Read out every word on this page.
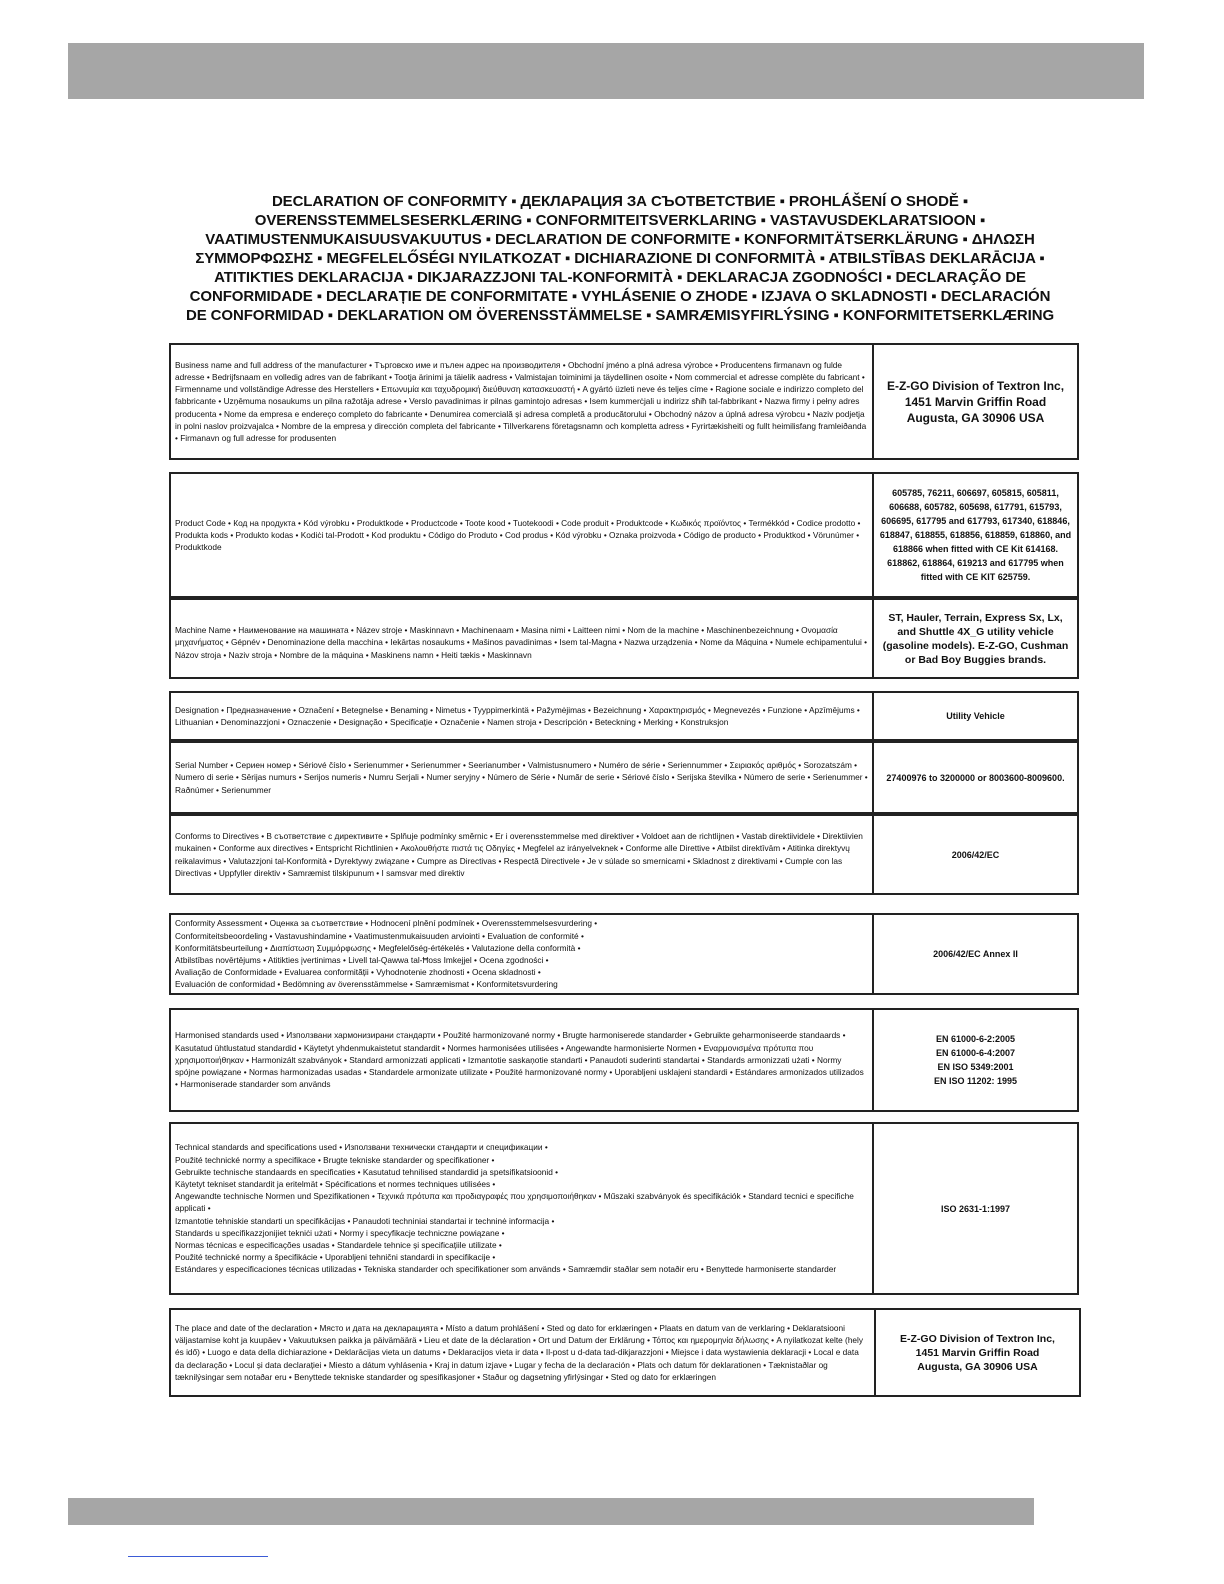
DECLARATION OF CONFORMITY ▪ ДЕКЛАРАЦИЯ ЗА СЪОТВЕТСТВИЕ ▪ PROHLÁŠENÍ O SHODĚ ▪
OVERENSSTEMMELSESERKLÆRING ▪ CONFORMITEITSVERKLARING ▪ VASTAVUSDEKLARATSIOON ▪
VAATIMUSTENMUKAISUUSVAKUUTUS ▪ DECLARATION DE CONFORMITE ▪ KONFORMITÄTSERKLÄRUNG ▪ ΔΗΛΩΣΗ
ΣΥΜΜΟΡΦΩΣΗΣ ▪ MEGFELELŐSÉGI NYILATKOZAT ▪ DICHIARAZIONE DI CONFORMITÀ ▪ ATBILSTĪBAS DEKLARĀCIJA ▪
ATITIKTIES DEKLARACIJA ▪ DIKJARAZZJONI TAL-KONFORMITÀ ▪ DEKLARACJA ZGODNOŚCI ▪ DECLARAÇÃO DE
CONFORMIDADE ▪ DECLARAȚIE DE CONFORMITATE ▪ VYHLÁSENIE O ZHODE ▪ IZJAVA O SKLADNOSTI ▪ DECLARACIÓN
DE CONFORMIDAD ▪ DEKLARATION OM ÖVERENSSTÄMMELSE ▪ SAMRÆMISYFIRLÝSING ▪ KONFORMITETSERKLÆRING
Business name and full address of the manufacturer • Търговско име и пълен адрес на производителя • Obchodní jméno a plná adresa výrobce • Producentens firmanavn og fulde adresse • Bedrijfsnaam en volledig adres van de fabrikant • Tootja ärinimi ja täielik aadress • Valmistajan toiminimi ja täydellinen osoite • Nom commercial et adresse complète du fabricant • Firmenname und vollständige Adresse des Herstellers • Επωνυμία και ταχυδρομική διεύθυνση κατασκευαστή • A gyártó üzleti neve és teljes címe • Ragione sociale e indirizzo completo del fabbricante • Uzņēmuma nosaukums un pilna ražotāja adrese • Verslo pavadinimas ir pilnas gamintojo adresas • Isem kummerċjali u indirizz sħiħ tal-fabbrikant • Nazwa firmy i pełny adres producenta • Nome da empresa e endereço completo do fabricante • Denumirea comercială și adresa completă a producătorului • Obchodný názov a úplná adresa výrobcu • Naziv podjetja in polni naslov proizvajalca • Nombre de la empresa y dirección completa del fabricante • Tillverkarens företagsnamn och kompletta adress • Fyrirtækisheiti og fullt heimilisfang framleiðanda • Firmanavn og full adresse for produsenten
E-Z-GO Division of Textron Inc,
1451 Marvin Griffin Road
Augusta, GA 30906 USA
Product Code • Код на продукта • Kód výrobku • Produktkode • Productcode • Toote kood • Tuotekoodi • Code produit • Produktcode • Κωδικός προϊόντος • Termékkód • Codice prodotto • Produkta kods • Produkto kodas • Kodiċi tal-Prodott • Kod produktu • Código do Produto • Cod produs • Kód výrobku • Oznaka proizvoda • Código de producto • Produktkod • Vörunúmer • Produktkode
605785, 76211, 606697, 605815, 605811, 606688, 605782, 605698, 617791, 615793, 606695, 617795 and 617793, 617340, 618846, 618847, 618855, 618856, 618859, 618860, and 618866 when fitted with CE Kit 614168. 618862, 618864, 619213 and 617795 when fitted with CE KIT 625759.
Machine Name • Наименование на машината • Název stroje • Maskinnavn • Machinenaam • Masina nimi • Laitteen nimi • Nom de la machine • Maschinenbezeichnung • Ονομασία μηχανήματος • Gépnév • Denominazione della macchina • Iekārtas nosaukums • Mašinos pavadinimas • Isem tal-Magna • Nazwa urządzenia • Nome da Máquina • Numele echipamentului • Názov stroja • Naziv stroja • Nombre de la máquina • Maskinens namn • Heiti tækis • Maskinnavn
ST, Hauler, Terrain, Express Sx, Lx, and Shuttle 4X_G utility vehicle (gasoline models). E-Z-GO, Cushman or Bad Boy Buggies brands.
Designation • Предназначение • Označení • Betegnelse • Benaming • Nimetus • Tyyppimerkintä • Pažymėjimas • Bezeichnung • Χαρακτηρισμός • Megnevezés • Funzione • Apzīmējums • Lithuanian • Denominazzjoni • Oznaczenie • Designação • Specificație • Označenie • Namen stroja • Descripción • Beteckning • Merking • Konstruksjon
Utility Vehicle
Serial Number • Сериен номер • Sériové číslo • Serienummer • Serienummer • Seerianumber • Valmistusnumero • Numéro de série • Seriennummer • Σειριακός αριθμός • Sorozatszám • Numero di serie • Sērijas numurs • Serijos numeris • Numru Serjali • Numer seryjny • Número de Série • Număr de serie • Sériové číslo • Serijska številka • Número de serie • Serienummer • Raðnúmer • Serienummer
27400976 to 3200000 or 8003600-8009600.
Conforms to Directives • В съответствие с директивите • Splňuje podmínky směrnic • Er i overensstemmelse med direktiver • Voldoet aan de richtlijnen • Vastab direktiividele • Direktiivien mukainen • Conforme aux directives • Entspricht Richtlinien • Ακολουθήστε πιστά τις Οδηγίες • Megfelel az irányelveknek • Conforme alle Direttive • Atbilst direktīvām • Atitinka direktyvų reikalavimus • Valutazzjoni tal-Konformità • Dyrektywy związane • Cumpre as Directivas • Respectă Directivele • Je v súlade so smernicami • Skladnost z direktivami • Cumple con las Directivas • Uppfyller direktiv • Samræmist tilskipunum • I samsvar med direktiv
2006/42/EC
Conformity Assessment • Оценка за съответствие • Hodnocení plnění podmínek • Overensstemmelsesvurdering •
Conformiteitsbeoordeling • Vastavushindamine • Vaatimustenmukaisuuden arviointi • Evaluation de conformité •
Konformitätsbeurteilung • Διαπίστωση Συμμόρφωσης • Megfelelőség-értékelés • Valutazione della conformità •
Atbilstības novērtējums • Atitikties įvertinimas • Livell tal-Qawwa tal-Ħoss Imkejjel • Ocena zgodności •
Avaliação de Conformidade • Evaluarea conformității • Vyhodnotenie zhodnosti • Ocena skladnosti •
Evaluación de conformidad • Bedömning av överensstämmelse • Samræmismat • Konformitetsvurdering
2006/42/EC Annex II
Harmonised standards used • Използвани хармонизирани стандарти • Použité harmonizované normy • Brugte harmoniserede standarder • Gebruikte geharmoniseerde standaards • Kasutatud ühtlustatud standardid • Käytetyt yhdenmukaistetut standardit • Normes harmonisées utilisées • Angewandte harmonisierte Normen • Εναρμονισμένα πρότυπα που χρησιμοποιήθηκαν • Harmonizált szabványok • Standard armonizzati applicati • Izmantotie saskaņotie standarti • Panaudoti suderinti standartai • Standards armonizzati użati • Normy spójne powiązane • Normas harmonizadas usadas • Standardele armonizate utilizate • Použité harmonizované normy • Uporabljeni usklajeni standardi • Estándares armonizados utilizados • Harmoniserade standarder som används
EN 61000-6-2:2005
EN 61000-6-4:2007
EN ISO 5349:2001
EN ISO 11202: 1995
Technical standards and specifications used • Използвани технически стандарти и спецификации •
Použité technické normy a specifikace • Brugte tekniske standarder og specifikationer •
Gebruikte technische standaards en specificaties • Kasutatud tehnilised standardid ja spetsifikatsioonid •
Käytetyt tekniset standardit ja eritelmät • Spécifications et normes techniques utilisées •
Angewandte technische Normen und Spezifikationen • Τεχνικά πρότυπα και προδιαγραφές που χρησιμοποιήθηκαν • Műszaki szabványok és specifikációk • Standard tecnici e specifiche applicati •
Izmantotie tehniskie standarti un specifikācijas • Panaudoti techniniai standartai ir techninė informacija •
Standards u specifikazzjonijiet tekniċi użati • Normy i specyfikacje techniczne powiązane •
Normas técnicas e especificações usadas • Standardele tehnice și specificațiile utilizate •
Použité technické normy a špecifikácie • Uporabljeni tehnični standardi in specifikacije •
Estándares y especificaciones técnicas utilizadas • Tekniska standarder och specifikationer som används • Samræmdir staðlar sem notaðir eru • Benyttede harmoniserte standarder
ISO 2631-1:1997
The place and date of the declaration • Място и дата на декларацията • Místo a datum prohlášení • Sted og dato for erklæringen • Plaats en datum van de verklaring • Deklaratsiooni väljastamise koht ja kuupäev • Vakuutuksen paikka ja päivämäärä • Lieu et date de la déclaration • Ort und Datum der Erklärung • Τόπος και ημερομηνία δήλωσης • A nyilatkozat kelte (hely és idő) • Luogo e data della dichiarazione • Deklarācijas vieta un datums • Deklaracijos vieta ir data • Il-post u d-data tad-dikjarazzjoni • Miejsce i data wystawienia deklaracji • Local e data da declaração • Locul și data declarației • Miesto a dátum vyhlásenia • Kraj in datum izjave • Lugar y fecha de la declaración • Plats och datum för deklarationen • Tæknistaðlar og tæknilýsingar sem notaðar eru • Benyttede tekniske standarder og spesifikasjoner • Staður og dagsetning yfirlýsingar • Sted og dato for erklæringen
E-Z-GO Division of Textron Inc,
1451 Marvin Griffin Road
Augusta, GA 30906 USA
